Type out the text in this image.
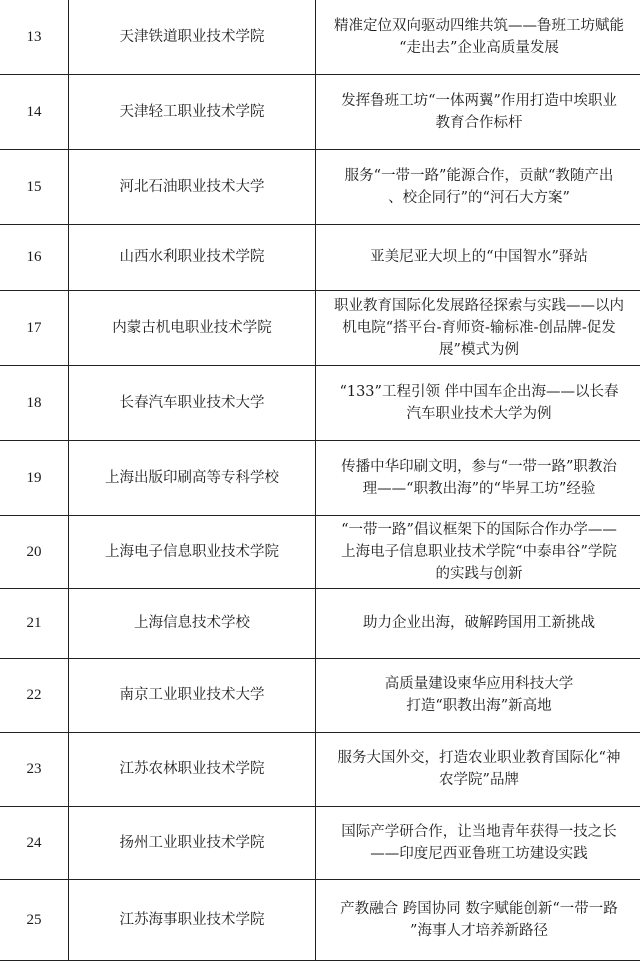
13	天津铁道职业技术学院	精准定位双向驱动四维共筑——鲁班工坊赋能
“走出去”企业高质量发展

14	天津轻工职业技术学院	发挥鲁班工坊“一体两翼”作用打造中埃职业
教育合作标杆

15	河北石油职业技术大学	服务“一带一路”能源合作，贡献“教随产出
、校企同行”的“河石大方案”

16	山西水利职业技术学院	亚美尼亚大坝上的“中国智水”驿站

17	内蒙古机电职业技术学院	职业教育国际化发展路径探索与实践——以内
机电院“搭平台-育师资-输标准-创品牌-促发
展”模式为例

18	长春汽车职业技术大学	“133”工程引领 伴中国车企出海——以长春
汽车职业技术大学为例

19	上海出版印刷高等专科学校	传播中华印刷文明，参与“一带一路”职教治
理——“职教出海”的“毕昇工坊”经验

20	上海电子信息职业技术学院	“一带一路”倡议框架下的国际合作办学——
上海电子信息职业技术学院“中泰串谷”学院
的实践与创新

21	上海信息技术学校	助力企业出海，破解跨国用工新挑战

22	南京工业职业技术大学	高质量建设柬华应用科技大学
打造“职教出海”新高地

23	江苏农林职业技术学院	服务大国外交，打造农业职业教育国际化“神
农学院”品牌

24	扬州工业职业技术学院	国际产学研合作，让当地青年获得一技之长
——印度尼西亚鲁班工坊建设实践

25	江苏海事职业技术学院	产教融合 跨国协同 数字赋能创新“一带一路
”海事人才培养新路径
